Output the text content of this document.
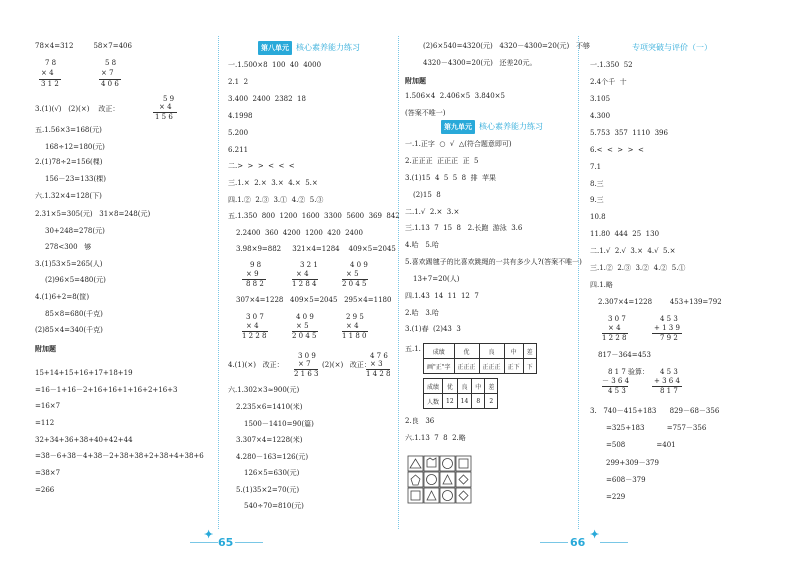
78×4=312         58×7=406
7 8
× 4
3 1 2
5 8
× 7
4 0 6
3.(1)(√)   (2)(×)    改正：
5 9
× 4
1 5 6
五.1.56×3=168(元)
168÷12=180(元)
2.(1)78÷2=156(棵)
156－23=133(棵)
六.1.32×4=128(下)
2.31×5=305(元)   31×8=248(元)
30+248=278(元)
278<300   够
3.(1)53×5=265(人)
(2)96×5=480(元)
4.(1)6+2=8(筐)
85×8=680(千克)
(2)85×4=340(千克)
附加题
15+14+15+16+17+18+19
=16－1+16－2+16+16+1+16+2+16+3
=16×7
=112
32+34+36+38+40+42+44
=38－6+38－4+38－2+38+38+2+38+4+38+6
=38×7
=266
第八单元 核心素养能力练习
一.1.500×8  100  40  4000
2.1  2
3.400  2400  2382  18
4.1998
5.200
6.211
二.>  >  >  <  <  <
三.1.×  2.×  3.×  4.×  5.×
四.1.②  2.③  3.①  4.②  5.③
五.1.350  800  1200  1600  3300  5600  369  842
2.2400  360  4200  1200  420  2400
3.98×9=882     321×4=1284    409×5=2045
9 8
× 9
8 8 2
3 2 1
× 4
1 2 8 4
4 0 9
× 5
2 0 4 5
307×4=1228   409×5=2045   295×4=1180
3 0 7
× 4
1 2 2 8
4 0 9
× 5
2 0 4 5
2 9 5
× 4
1 1 8 0
4.(1)(×)   改正：
3 0 9
× 7
2 1 6 3
(2)(×)   改正：
4 7 6
× 3
1 4 2 8
六.1.302×3≈900(元)
2.235×6=1410(米)
1500－1410=90(篇)
3.307×4=1228(米)
4.280－163=126(元)
126×5=630(元)
5.(1)35×2=70(元)
540÷70=810(元)
✦
65
(2)6×540=4320(元)   4320－4300=20(元)   不够
4320－4300=20(元)   还差20元。
附加题
1.506×4  2.406×5  3.840×5
(答案不唯一)
第九单元 核心素养能力练习
一.1.正字  ○  √  △(符合题意即可)
2.正正正  正正正  正  5
3.(1)15  4  5  5  8  排  苹果
(2)15  8
二.1.√  2.×  3.×
三.1.13  7  15  8   2.长跑  游泳  3.6
4.哈   5.哈
5.喜欢踢毽子的比喜欢跳绳的一共有多少人?(答案不唯一)
13+7=20(人)
四.1.43  14  11  12  7
2.哈   3.哈
3.(1)春  (2)43  3
五.1. 成绩	优	良	中	差
画"正"字	正正正	正正正	正下	下
成绩	优	良	中	差
人数	12	14	8	2
2.良   36
六.1.13  7  8  2.略
66
✦
专项突破与评价（一）
一.1.350  52
2.4个千  十
3.105
4.300
5.753  357  1110  396
6.<  <  >  >  <
7.1
8.三
9.三
10.8
11.80  444  25  130
二.1.√  2.√  3.×  4.√  5.×
三.1.②  2.③  3.②  4.②  5.①
四.1.略
2.307×4=1228        453+139=792
3 0 7
× 4
1 2 2 8
4 5 3
+ 1 3 9
7 9 2
817－364=453
8 1 7 验算：
－ 3 6 4
4 5 3
4 5 3
+ 3 6 4
8 1 7
3.   740－415+183      829－68－356
=325+183          =757－356
=508              =401
299+309－379
=608－379
=229
